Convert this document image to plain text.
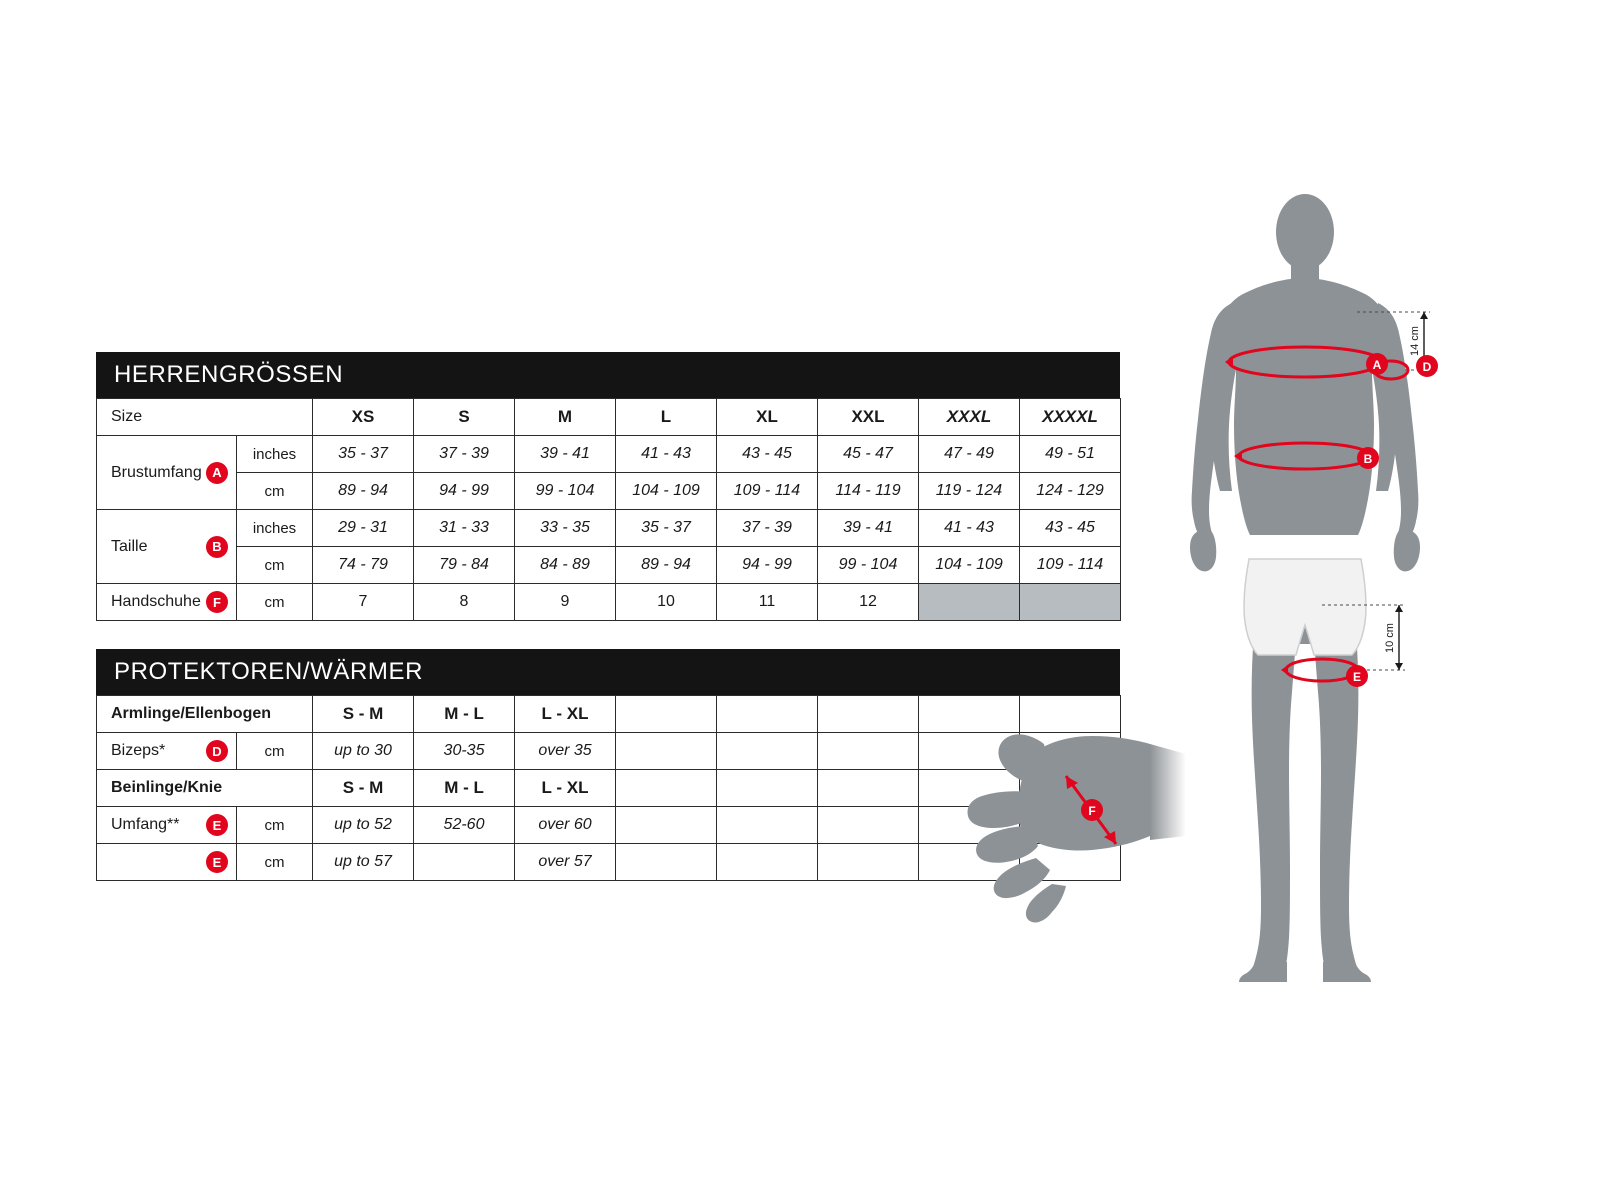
HERRENGRÖSSEN
Size		XS	S	M	L	XL	XXL	XXXL	XXXXL
Brustumfang A	inches	35 - 37	37 - 39	39 - 41	41 - 43	43 - 45	45 - 47	47 - 49	49 - 51
	cm	89 - 94	94 - 99	99 - 104	104 - 109	109 - 114	114 - 119	119 - 124	124 - 129
Taille B	inches	29 - 31	31 - 33	33 - 35	35 - 37	37 - 39	39 - 41	41 - 43	43 - 45
	cm	74 - 79	79 - 84	84 - 89	89 - 94	94 - 99	99 - 104	104 - 109	109 - 114
Handschuhe F	cm	7	8	9	10	11	12		
PROTEKTOREN/WÄRMER
Armlinge/Ellenbogen		S - M	M - L	L - XL					
Bizeps* D	cm	up to 30	30-35	over 35					
Beinlinge/Knie		S - M	M - L	L - XL					
Umfang** E	cm	up to 52	52-60	over 60					

E	cm	up to 57		over 57					
14 cm
10 cm
A	D
B
E
F
